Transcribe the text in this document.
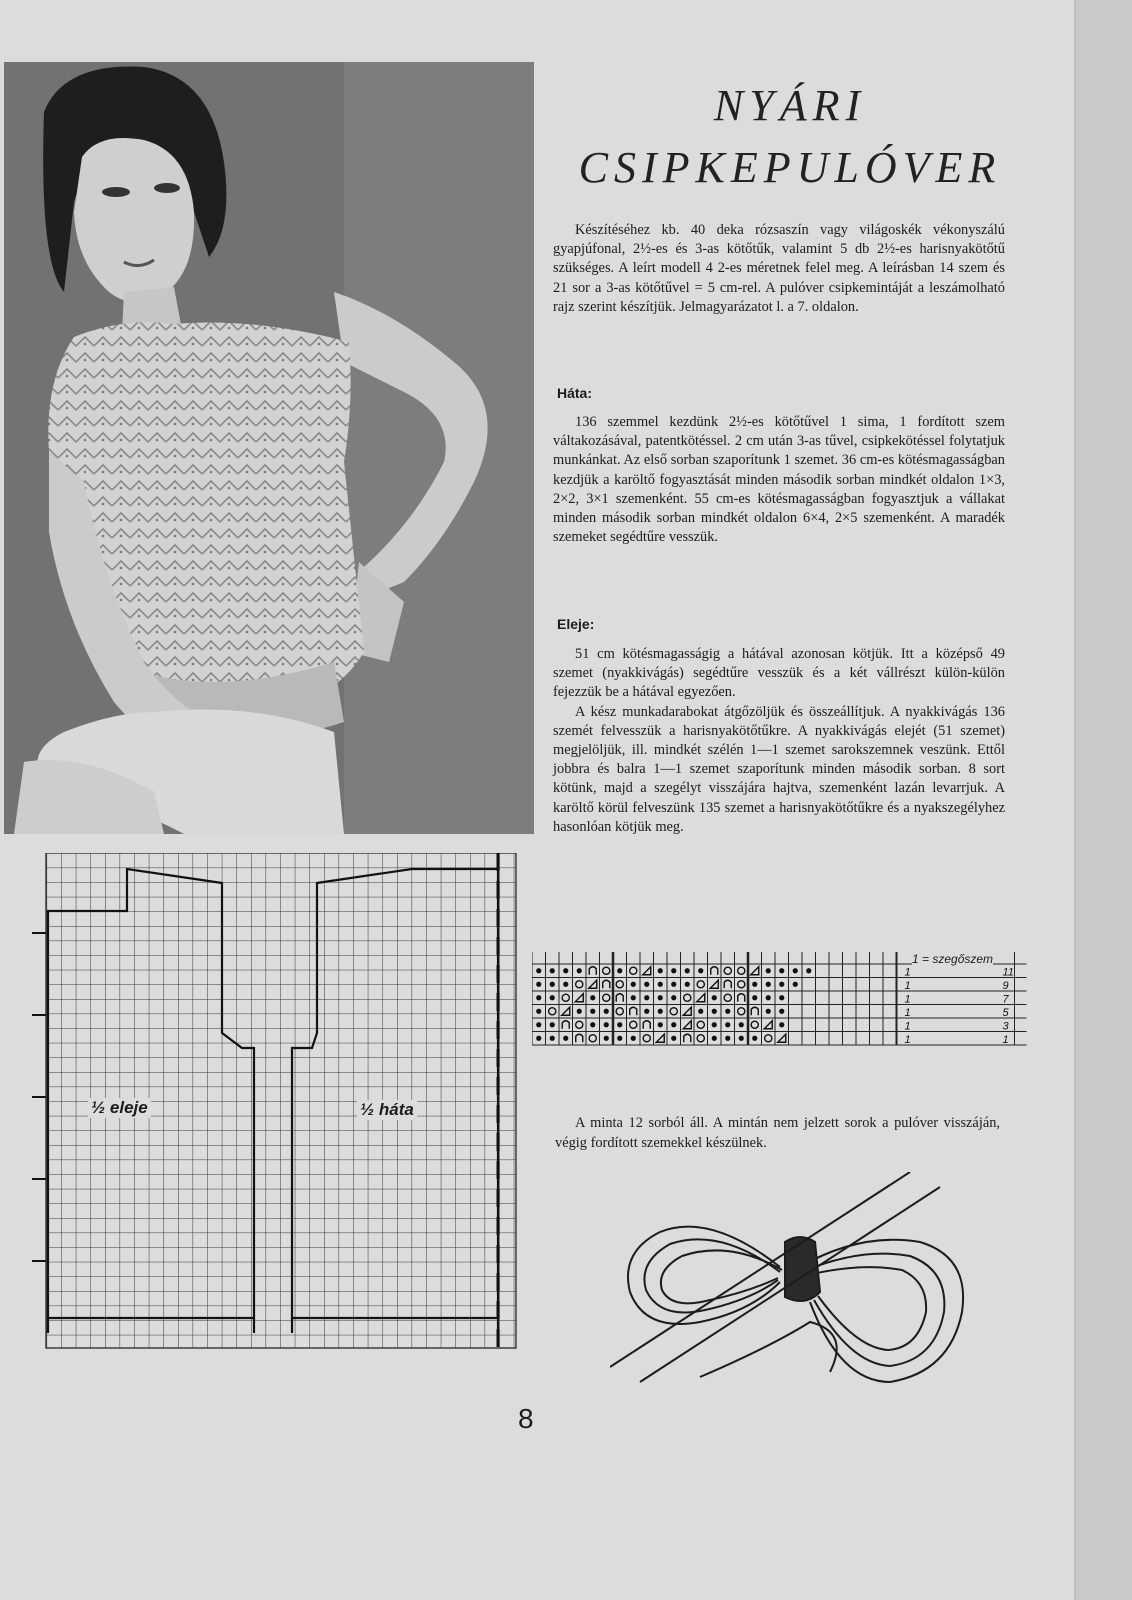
NYÁRI
CSIPKEPULÓVER

Készítéséhez kb. 40 deka rózsaszín vagy világoskék vékonyszálú gyapjúfonal, 2½-es és 3-as kötőtűk, valamint 5 db 2½-es harisnyakötőtű szükséges. A leírt modell 4 2-es méretnek felel meg. A leírásban 14 szem és 21 sor a 3-as kötőtűvel = 5 cm-rel. A pulóver csipkemintáját a leszámolható rajz szerint készítjük. Jelmagyarázatot l. a 7. oldalon.

Háta:

136 szemmel kezdünk 2½-es kötőtűvel 1 sima, 1 fordított szem váltakozásával, patentkötéssel. 2 cm után 3-as tűvel, csipkekötéssel folytatjuk munkánkat. Az első sorban szaporítunk 1 szemet. 36 cm-es kötésmagasságban kezdjük a karöltő fogyasztását minden második sorban mindkét oldalon 1×3, 2×2, 3×1 szemenként. 55 cm-es kötésmagasságban fogyasztjuk a vállakat minden második sorban mindkét oldalon 6×4, 2×5 szemenként. A maradék szemeket segédtűre vesszük.

Eleje:

51 cm kötésmagasságig a hátával azonosan kötjük. Itt a középső 49 szemet (nyakkivágás) segédtűre vesszük és a két vállrészt külön-külön fejezzük be a hátával egyezően.

A kész munkadarabokat átgőzöljük és összeállítjuk. A nyakkivágás 136 szemét felvesszük a harisnyakötőtűkre. A nyakkivágás elejét (51 szemet) megjelöljük, ill. mindkét szélén 1—1 szemet sarokszemnek veszünk. Ettől jobbra és balra 1—1 szemet szaporítunk minden második sorban. 8 sort kötünk, majd a szegélyt visszájára hajtva, szemenként lazán levarrjuk. A karöltő körül felveszünk 135 szemet a harisnyakötőtűkre és a nyakszegélyhez hasonlóan kötjük meg.

½ eleje	½ háta
1	11
1	9
1	7
1	5
1	3
1	1
1 = szegőszem

A minta 12 sorból áll. A mintán nem jelzett sorok a pulóver visszáján, végig fordított szemekkel készülnek.

8
